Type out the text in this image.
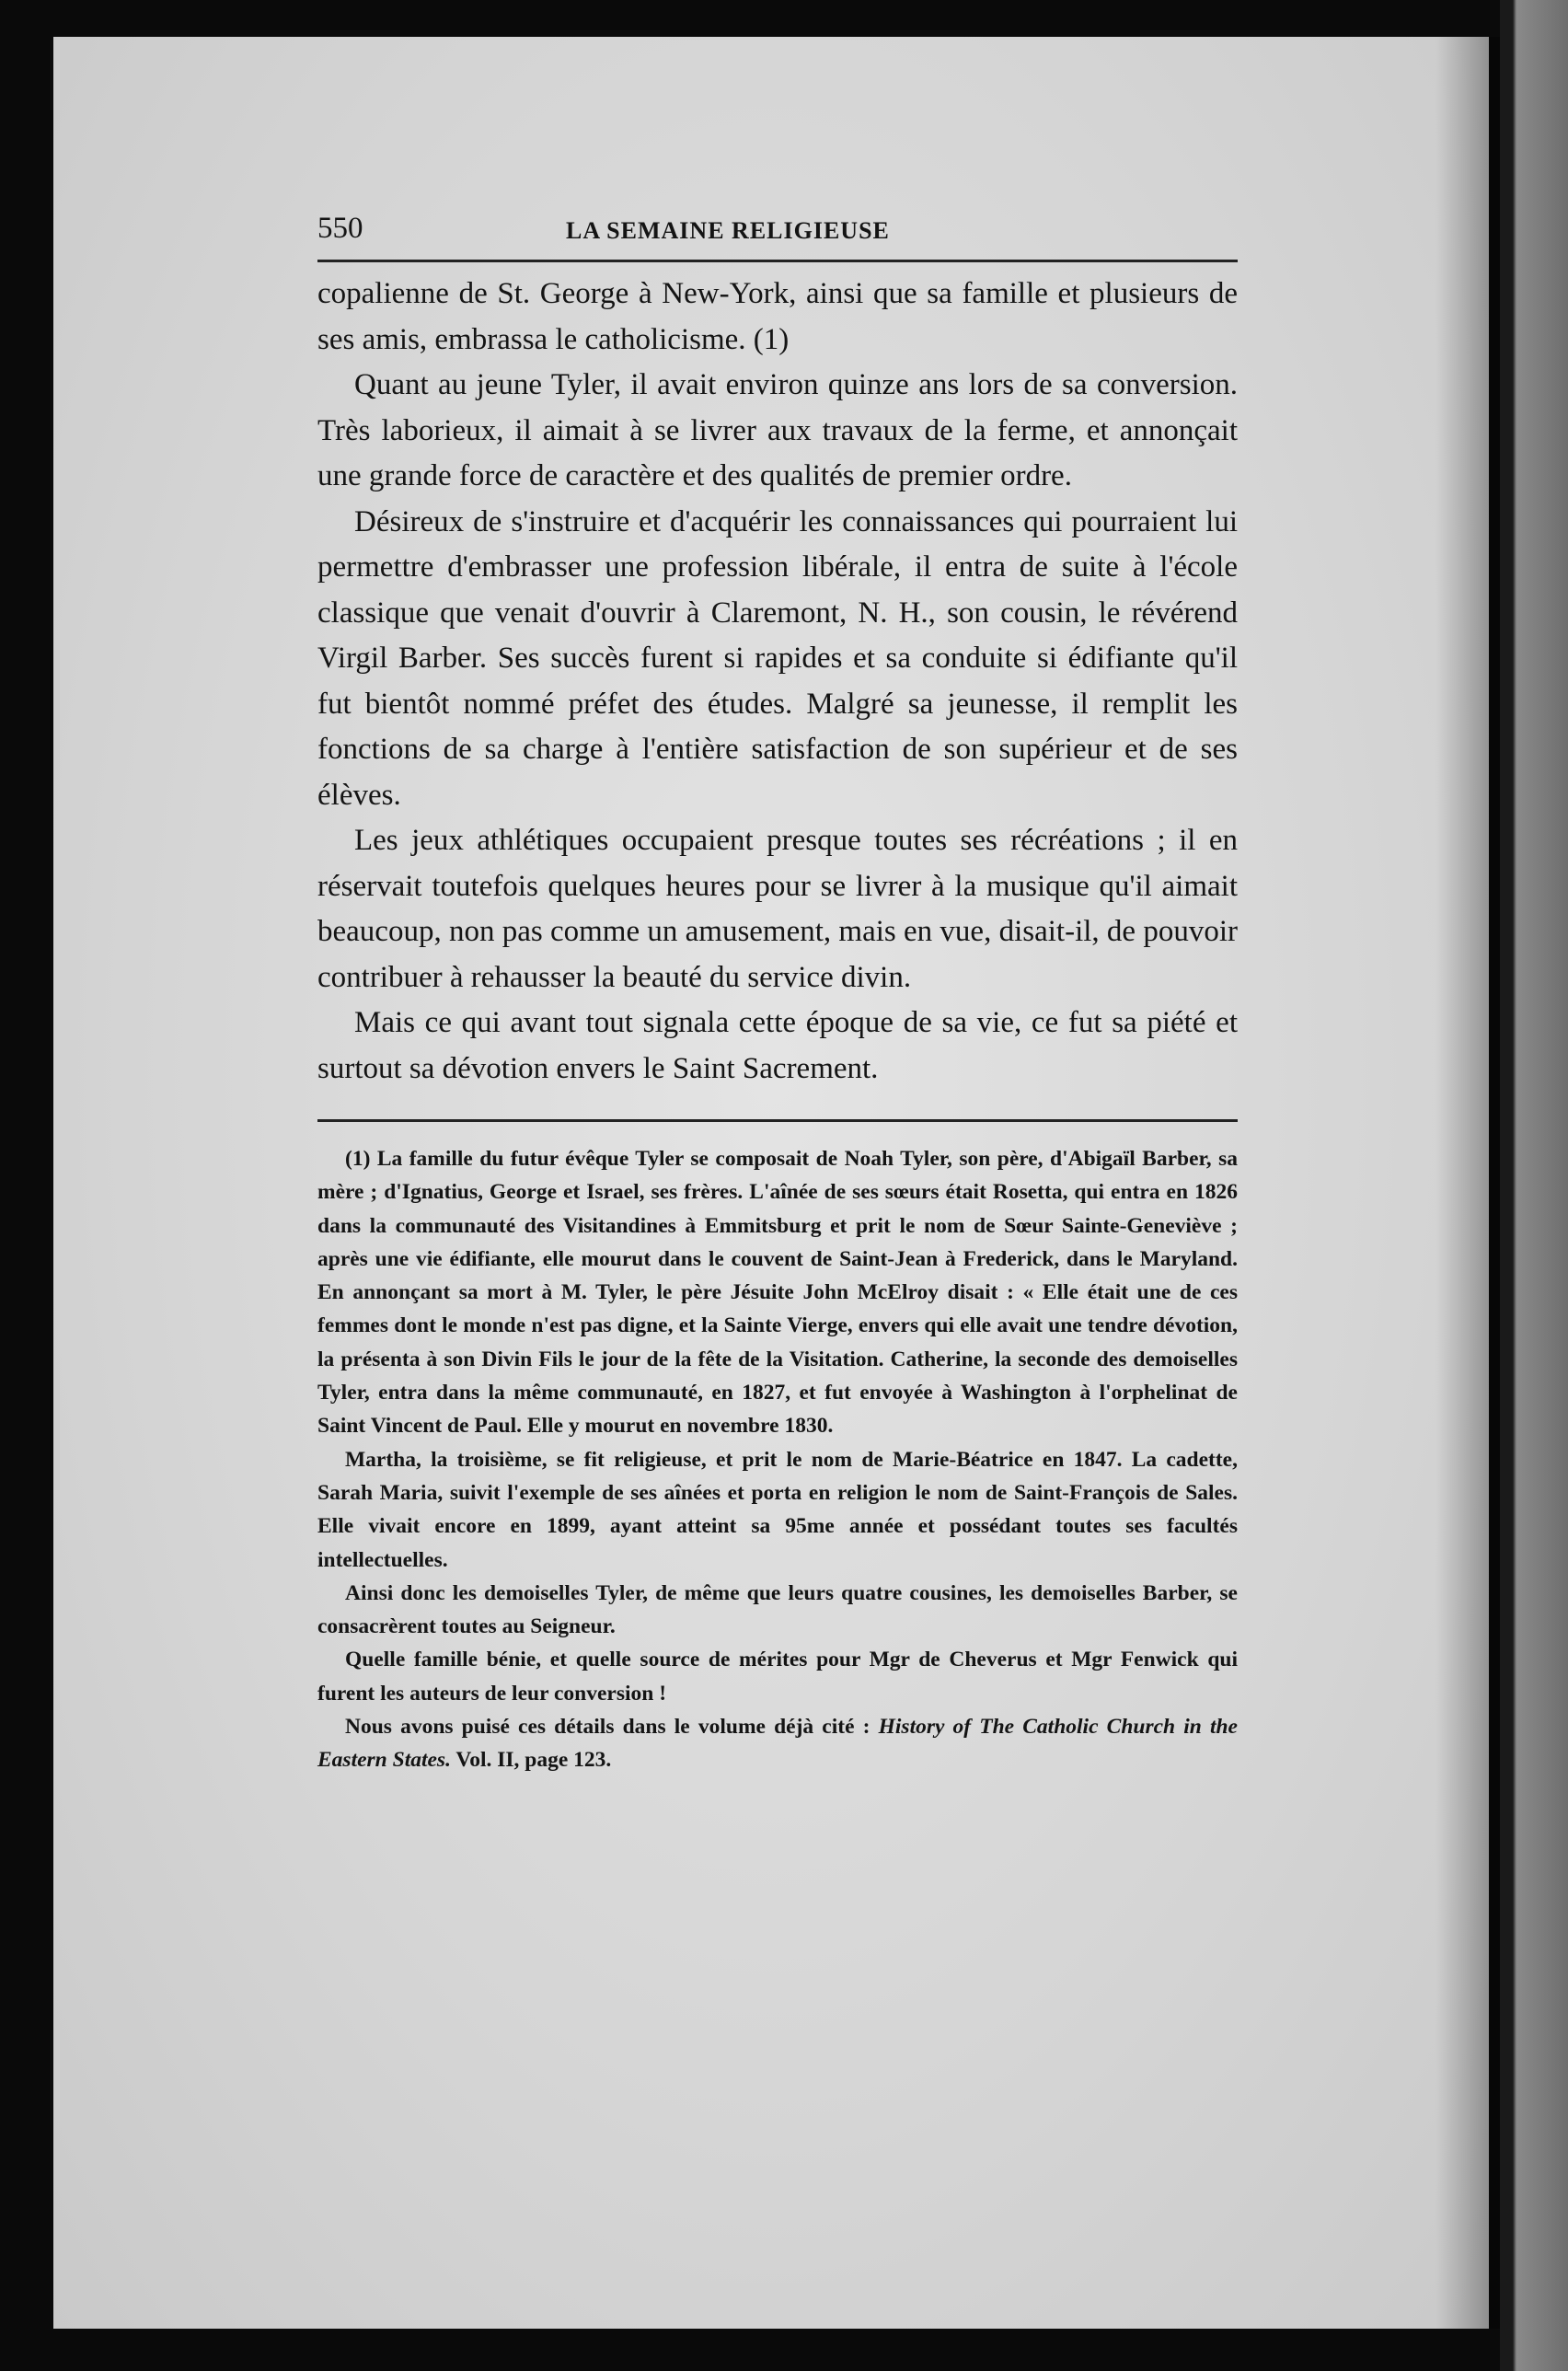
550	LA SEMAINE RELIGIEUSE

copalienne de St. George à New-York, ainsi que sa famille et plusieurs de ses amis, embrassa le catholicisme. (1)

Quant au jeune Tyler, il avait environ quinze ans lors de sa conversion. Très laborieux, il aimait à se livrer aux travaux de la ferme, et annonçait une grande force de caractère et des qualités de premier ordre.

Désireux de s'instruire et d'acquérir les connaissances qui pourraient lui permettre d'embrasser une profession libérale, il entra de suite à l'école classique que venait d'ouvrir à Claremont, N. H., son cousin, le révérend Virgil Barber. Ses succès furent si rapides et sa conduite si édifiante qu'il fut bientôt nommé préfet des études. Malgré sa jeunesse, il remplit les fonctions de sa charge à l'entière satisfaction de son supérieur et de ses élèves.

Les jeux athlétiques occupaient presque toutes ses récréations ; il en réservait toutefois quelques heures pour se livrer à la musique qu'il aimait beaucoup, non pas comme un amusement, mais en vue, disait-il, de pouvoir contribuer à rehausser la beauté du service divin.

Mais ce qui avant tout signala cette époque de sa vie, ce fut sa piété et surtout sa dévotion envers le Saint Sacrement.

(1) La famille du futur évêque Tyler se composait de Noah Tyler, son père, d'Abigaïl Barber, sa mère ; d'Ignatius, George et Israel, ses frères. L'aînée de ses sœurs était Rosetta, qui entra en 1826 dans la communauté des Visitandines à Emmitsburg et prit le nom de Sœur Sainte-Geneviève ; après une vie édifiante, elle mourut dans le couvent de Saint-Jean à Frederick, dans le Maryland. En annonçant sa mort à M. Tyler, le père Jésuite John McElroy disait : « Elle était une de ces femmes dont le monde n'est pas digne, et la Sainte Vierge, envers qui elle avait une tendre dévotion, la présenta à son Divin Fils le jour de la fête de la Visitation. Catherine, la seconde des demoiselles Tyler, entra dans la même communauté, en 1827, et fut envoyée à Washington à l'orphelinat de Saint Vincent de Paul. Elle y mourut en novembre 1830.

Martha, la troisième, se fit religieuse, et prit le nom de Marie-Béatrice en 1847. La cadette, Sarah Maria, suivit l'exemple de ses aînées et porta en religion le nom de Saint-François de Sales. Elle vivait encore en 1899, ayant atteint sa 95me année et possédant toutes ses facultés intellectuelles.

Ainsi donc les demoiselles Tyler, de même que leurs quatre cousines, les demoiselles Barber, se consacrèrent toutes au Seigneur.

Quelle famille bénie, et quelle source de mérites pour Mgr de Cheverus et Mgr Fenwick qui furent les auteurs de leur conversion !

Nous avons puisé ces détails dans le volume déjà cité : History of The Catholic Church in the Eastern States. Vol. II, page 123.
